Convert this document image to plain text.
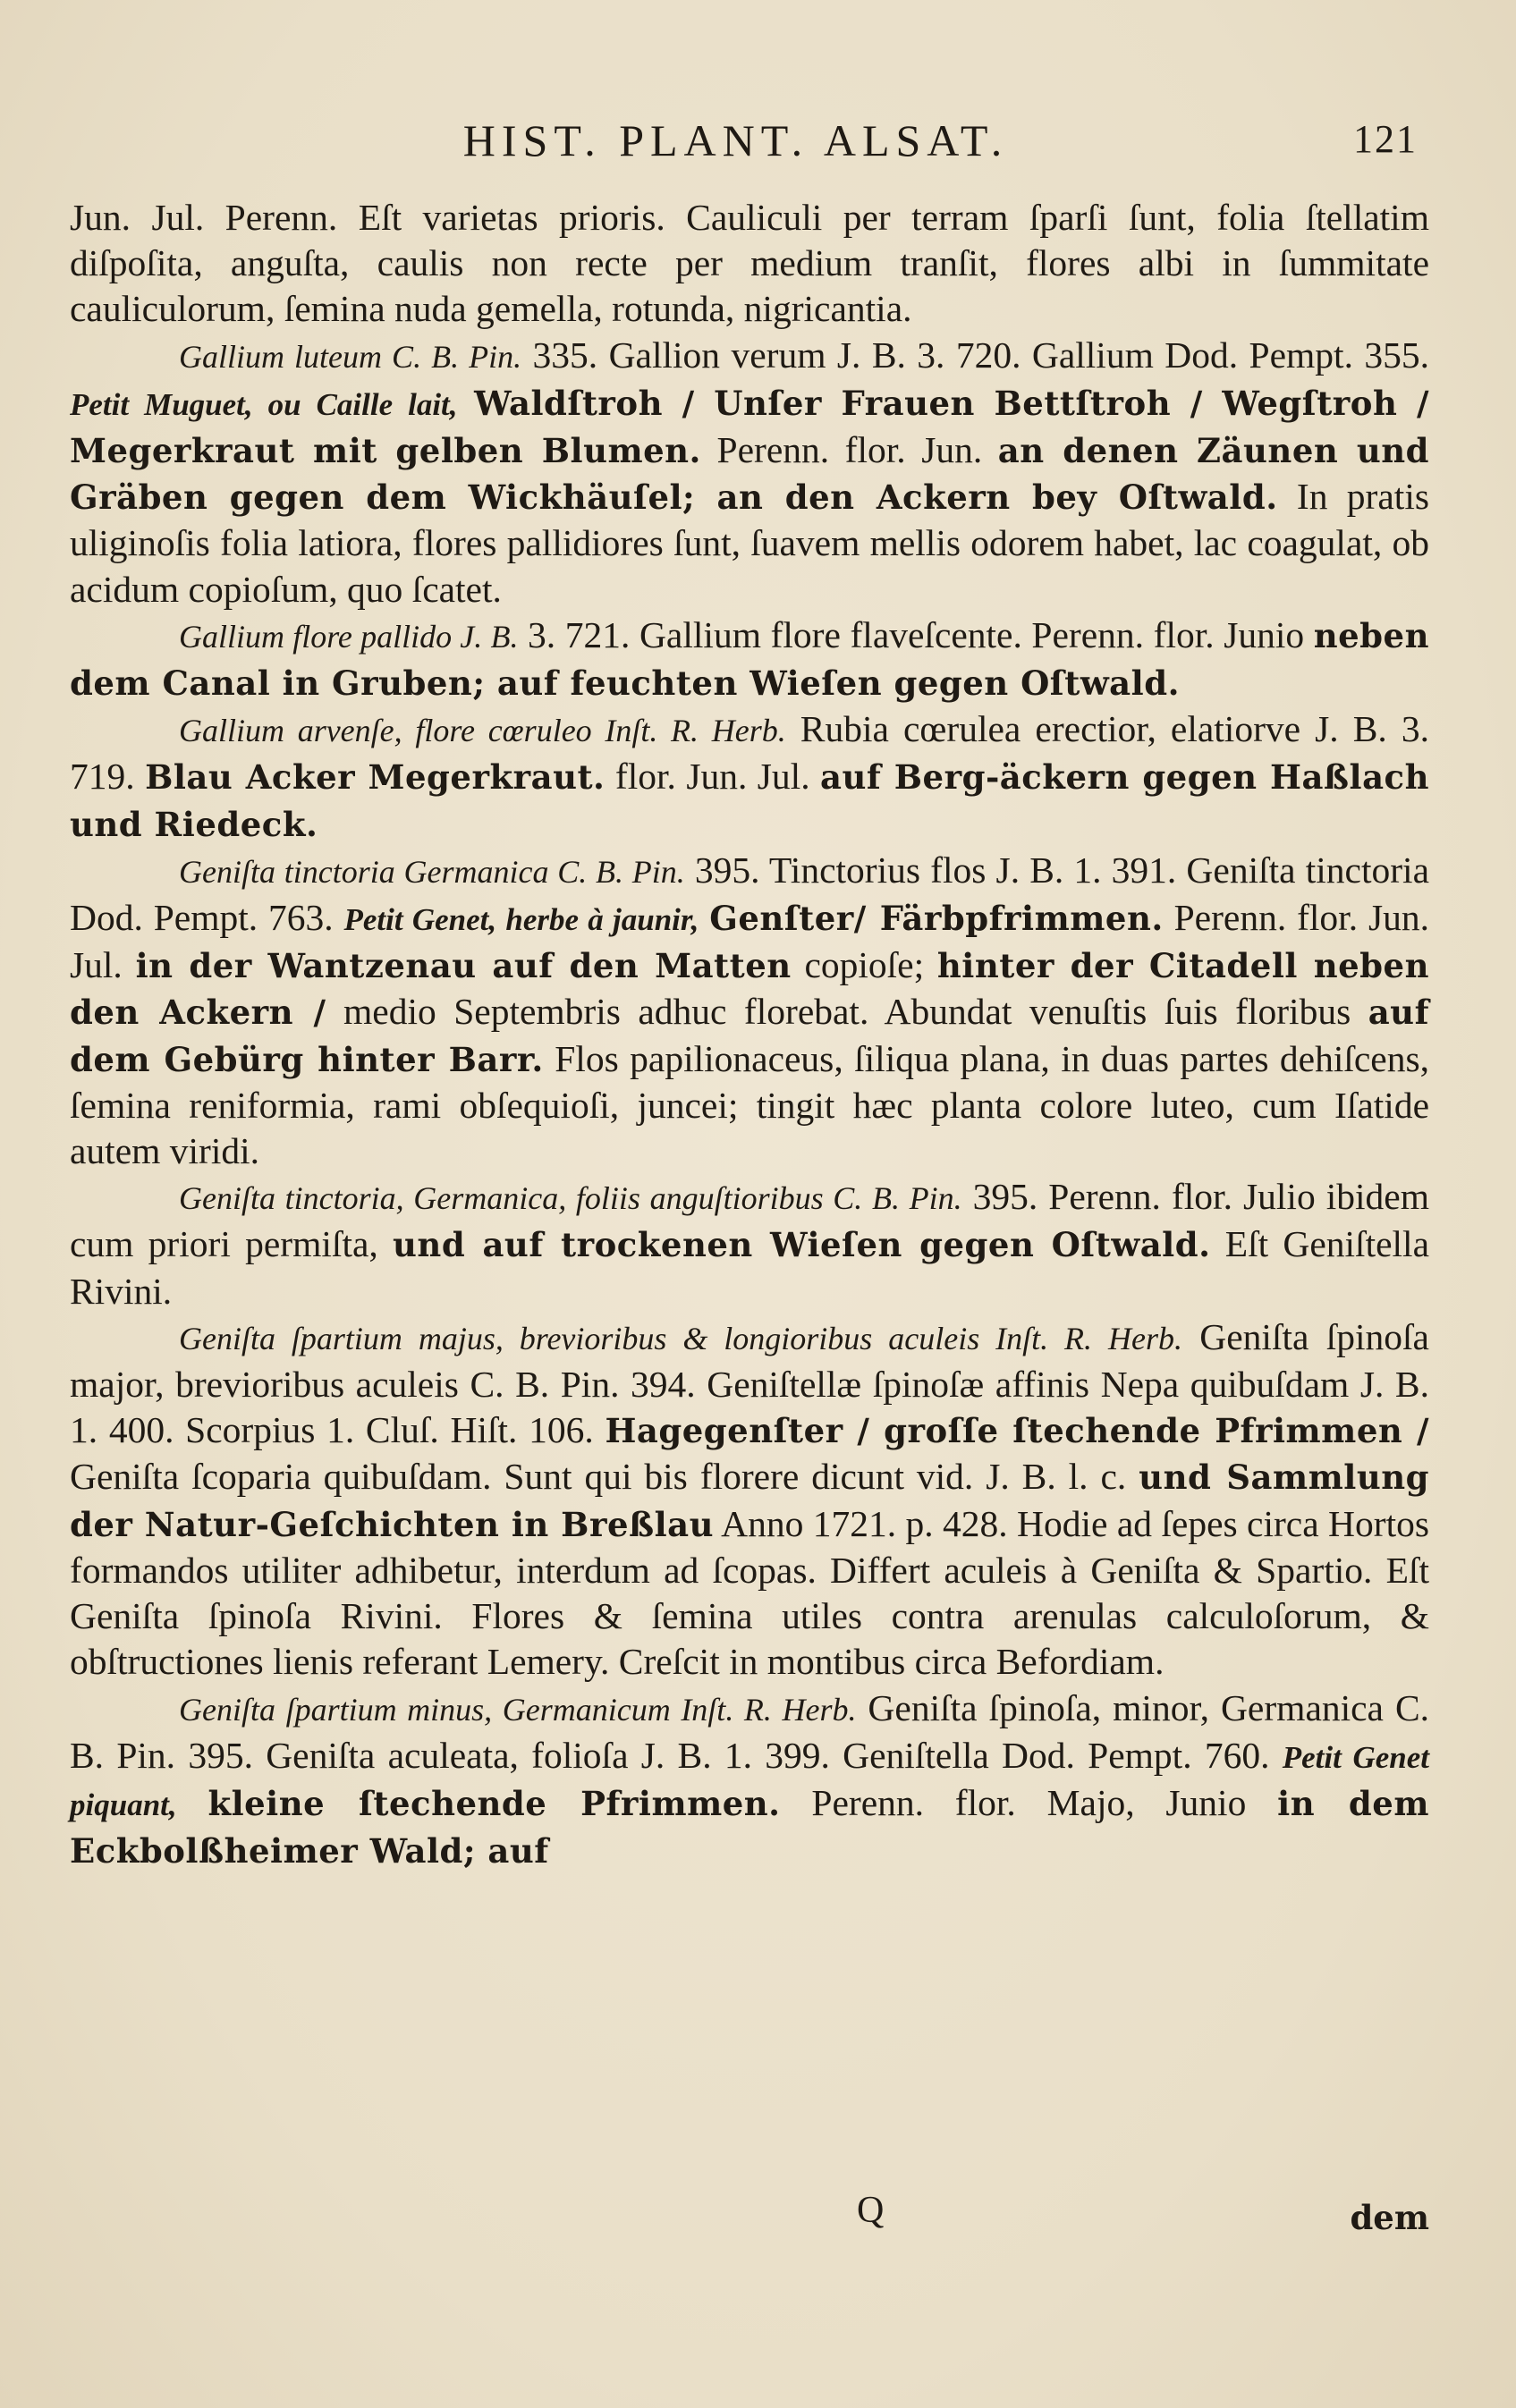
HIST. PLANT. ALSAT.	121

Jun. Jul. Perenn. Eſt varietas prioris. Cauliculi per terram ſparſi ſunt, folia ſtellatim diſpoſita, anguſta, caulis non recte per medium tranſit, flores albi in ſummitate cauliculorum, ſemina nuda gemella, rotunda, nigricantia.

Gallium luteum C. B. Pin. 335. Gallion verum J. B. 3. 720. Gallium Dod. Pempt. 355. Petit Muguet, ou Caille lait, Waldſtroh / Unſer Frauen Bettſtroh / Wegſtroh / Megerkraut mit gelben Blumen. Perenn. flor. Jun. an denen Zäunen und Gräben gegen dem Wickhäuſel; an den Ackern bey Oſtwald. In pratis uliginoſis folia latiora, flores pallidiores ſunt, ſuavem mellis odorem habet, lac coagulat, ob acidum copioſum, quo ſcatet.

Gallium flore pallido J. B. 3. 721. Gallium flore flaveſcente. Perenn. flor. Junio neben dem Canal in Gruben; auf feuchten Wieſen gegen Oſtwald.

Gallium arvenſe, flore cœruleo Inſt. R. Herb. Rubia cœrulea erectior, elatiorve J. B. 3. 719. Blau Acker Megerkraut. flor. Jun. Jul. auf Berg-äckern gegen Haßlach und Riedeck.

Geniſta tinctoria Germanica C. B. Pin. 395. Tinctorius flos J. B. 1. 391. Geniſta tinctoria Dod. Pempt. 763. Petit Genet, herbe à jaunir, Genſter/ Färbpfrimmen. Perenn. flor. Jun. Jul. in der Wantzenau auf den Matten copioſe; hinter der Citadell neben den Ackern / medio Septembris adhuc florebat. Abundat venuſtis ſuis floribus auf dem Gebürg hinter Barr. Flos papilionaceus, ſiliqua plana, in duas partes dehiſcens, ſemina reniformia, rami obſequioſi, juncei; tingit hæc planta colore luteo, cum Iſatide autem viridi.

Geniſta tinctoria, Germanica, foliis anguſtioribus C. B. Pin. 395. Perenn. flor. Julio ibidem cum priori permiſta, und auf trockenen Wieſen gegen Oſtwald. Eſt Geniſtella Rivini.

Geniſta ſpartium majus, brevioribus & longioribus aculeis Inſt. R. Herb. Geniſta ſpinoſa major, brevioribus aculeis C. B. Pin. 394. Geniſtellæ ſpinoſæ affinis Nepa quibuſdam J. B. 1. 400. Scorpius 1. Cluſ. Hiſt. 106. Hagegenſter / groſſe ſtechende Pfrimmen / Geniſta ſcoparia quibuſdam. Sunt qui bis florere dicunt vid. J. B. l. c. und Sammlung der Natur-Geſchichten in Breßlau Anno 1721. p. 428. Hodie ad ſepes circa Hortos formandos utiliter adhibetur, interdum ad ſcopas. Differt aculeis à Geniſta & Spartio. Eſt Geniſta ſpinoſa Rivini. Flores & ſemina utiles contra arenulas calculoſorum, & obſtructiones lienis referant Lemery. Creſcit in montibus circa Befordiam.

Geniſta ſpartium minus, Germanicum Inſt. R. Herb. Geniſta ſpinoſa, minor, Germanica C. B. Pin. 395. Geniſta aculeata, folioſa J. B. 1. 399. Geniſtella Dod. Pempt. 760. Petit Genet piquant, kleine ſtechende Pfrimmen. Perenn. flor. Majo, Junio in dem Eckbolßheimer Wald; auf

Q	dem
